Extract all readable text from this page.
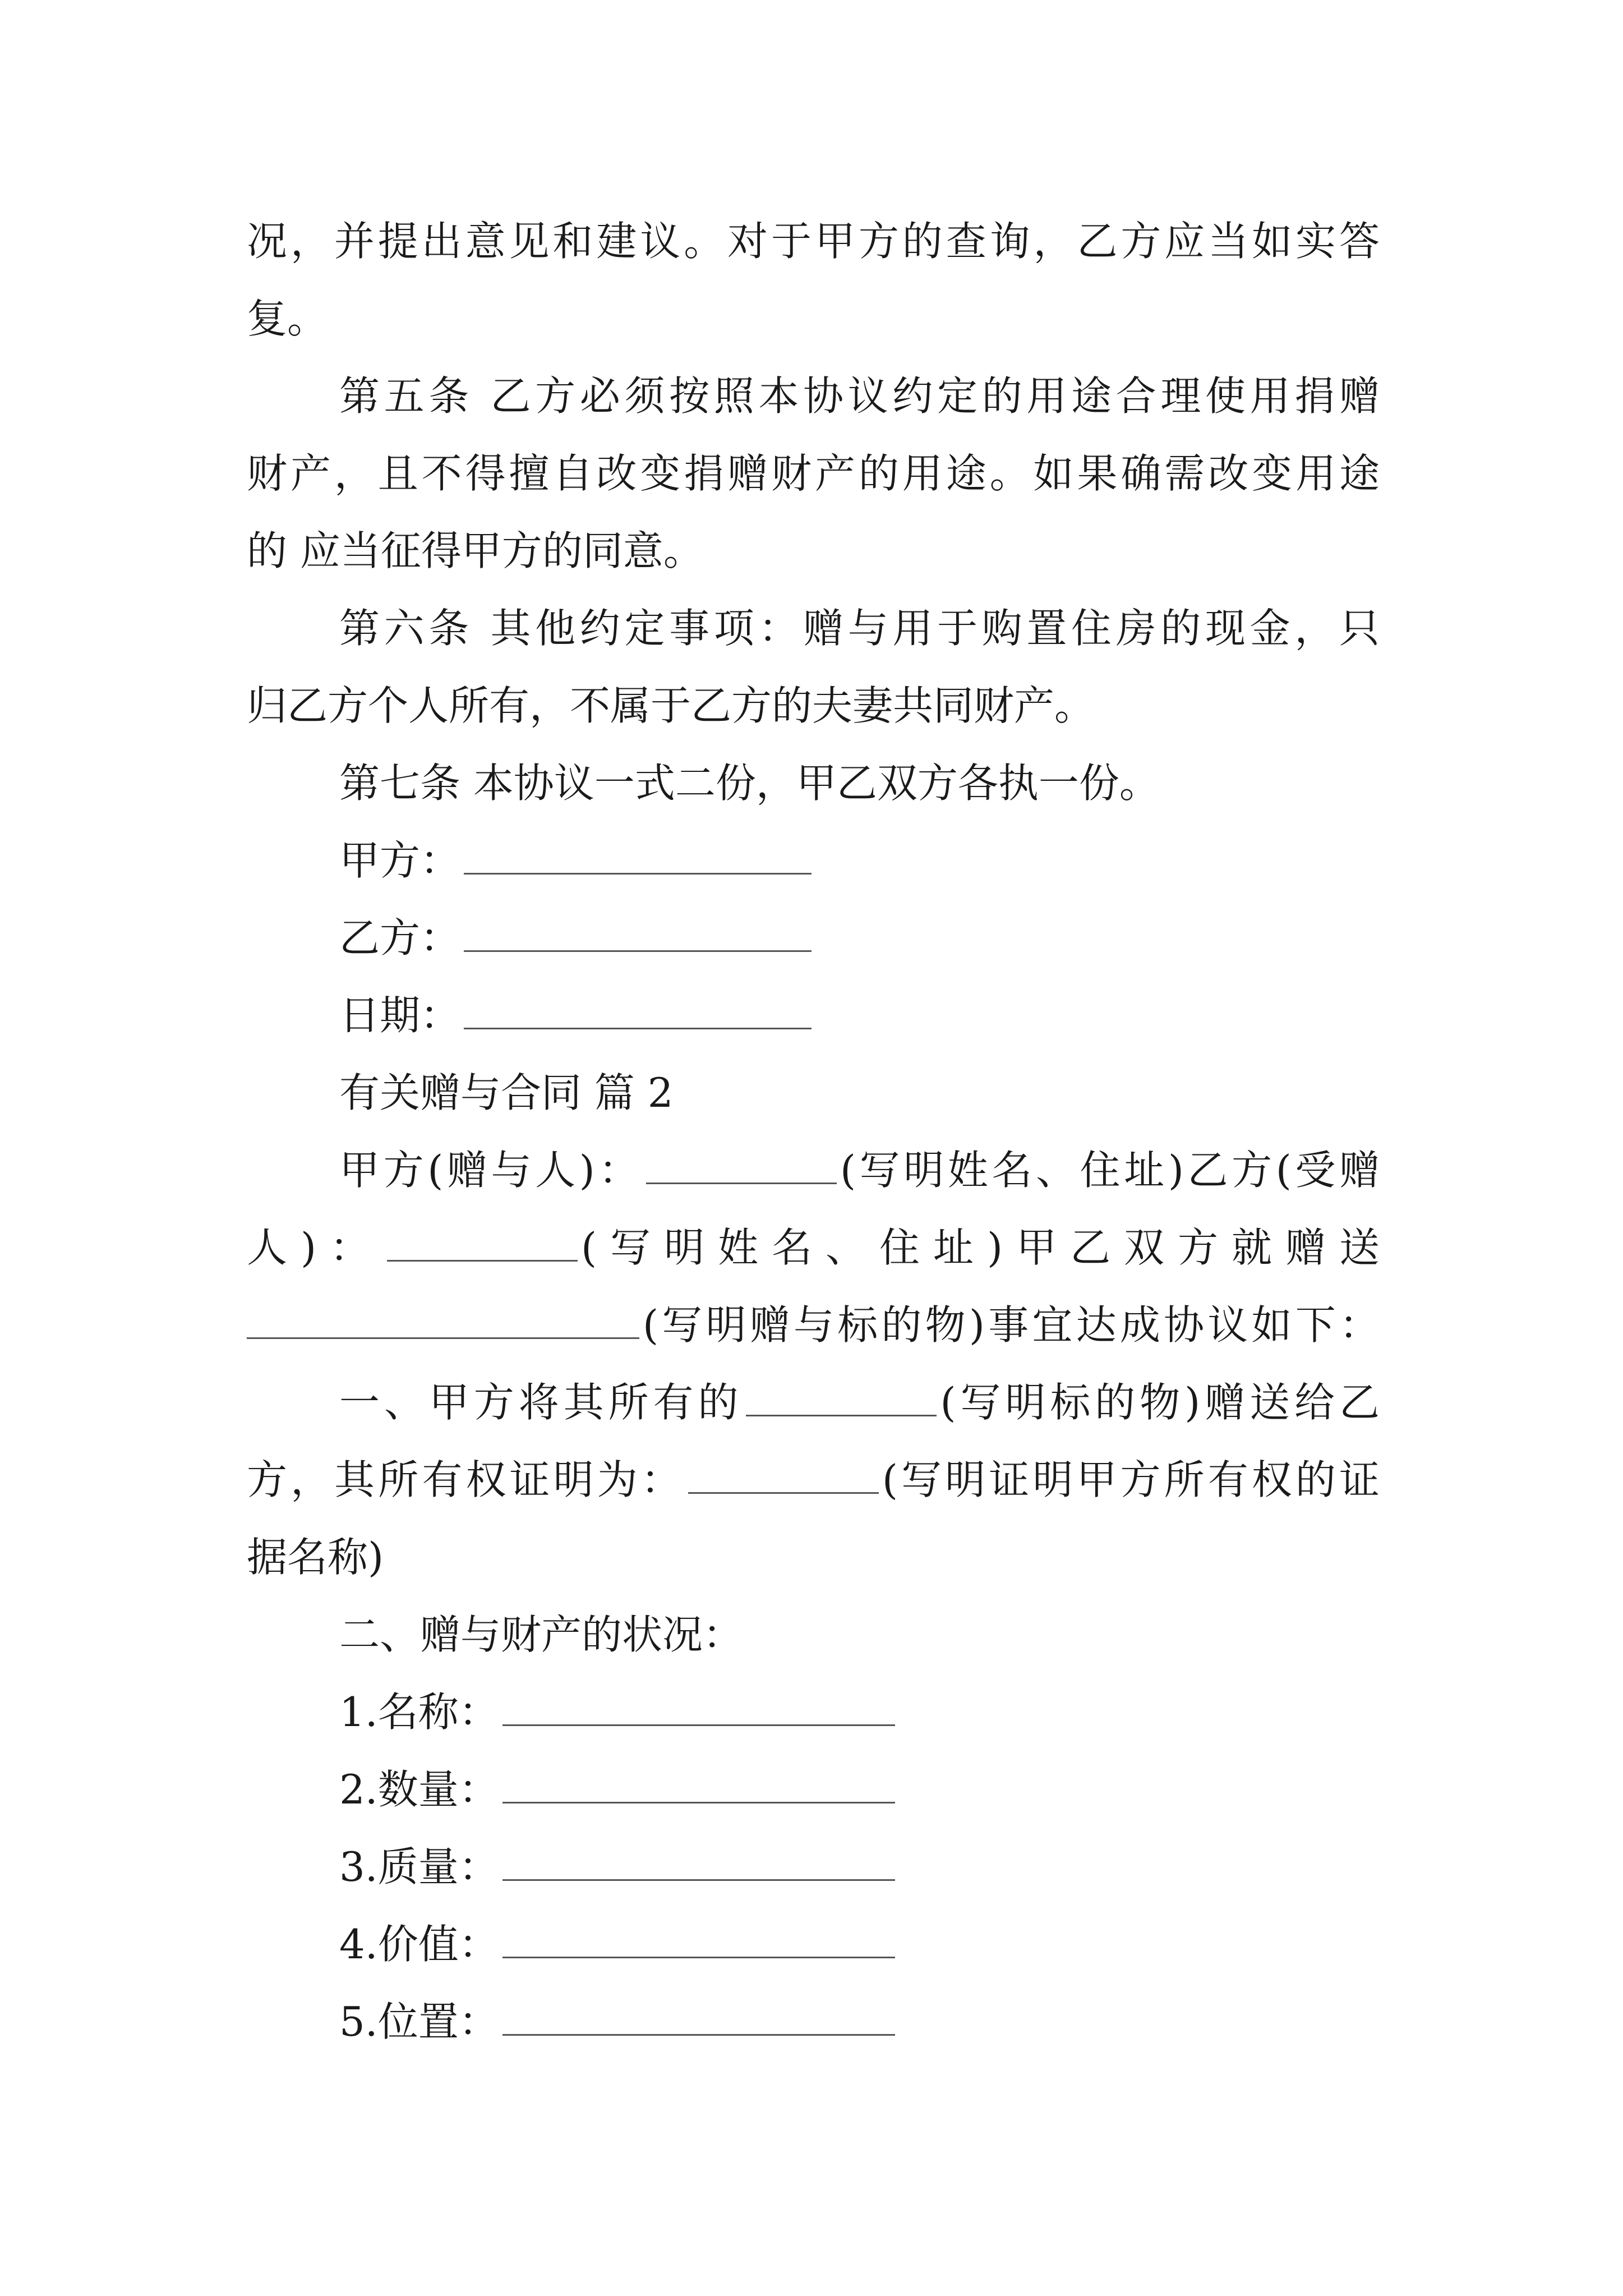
况，并提出意见和建议。对于甲方的查询，乙方应当如实答
复。
第五条 乙方必须按照本协议约定的用途合理使用捐赠
财产，且不得擅自改变捐赠财产的用途。如果确需改变用途
的 应当征得甲方的同意。
第六条 其他约定事项：赠与用于购置住房的现金，只
归乙方个人所有，不属于乙方的夫妻共同财产。
第七条 本协议一式二份，甲乙双方各执一份。
甲方：
乙方：
日期：
有关赠与合同 篇 2
甲方(赠与人)：	(写明姓名、住址)乙方(受赠
人)：	(写明姓名、住址)甲乙双方就赠送
(写明赠与标的物)事宜达成协议如下：
一、甲方将其所有的	(写明标的物)赠送给乙
方，其所有权证明为：	(写明证明甲方所有权的证
据名称)
二、赠与财产的状况：
1.名称：
2.数量：
3.质量：
4.价值：
5.位置：
